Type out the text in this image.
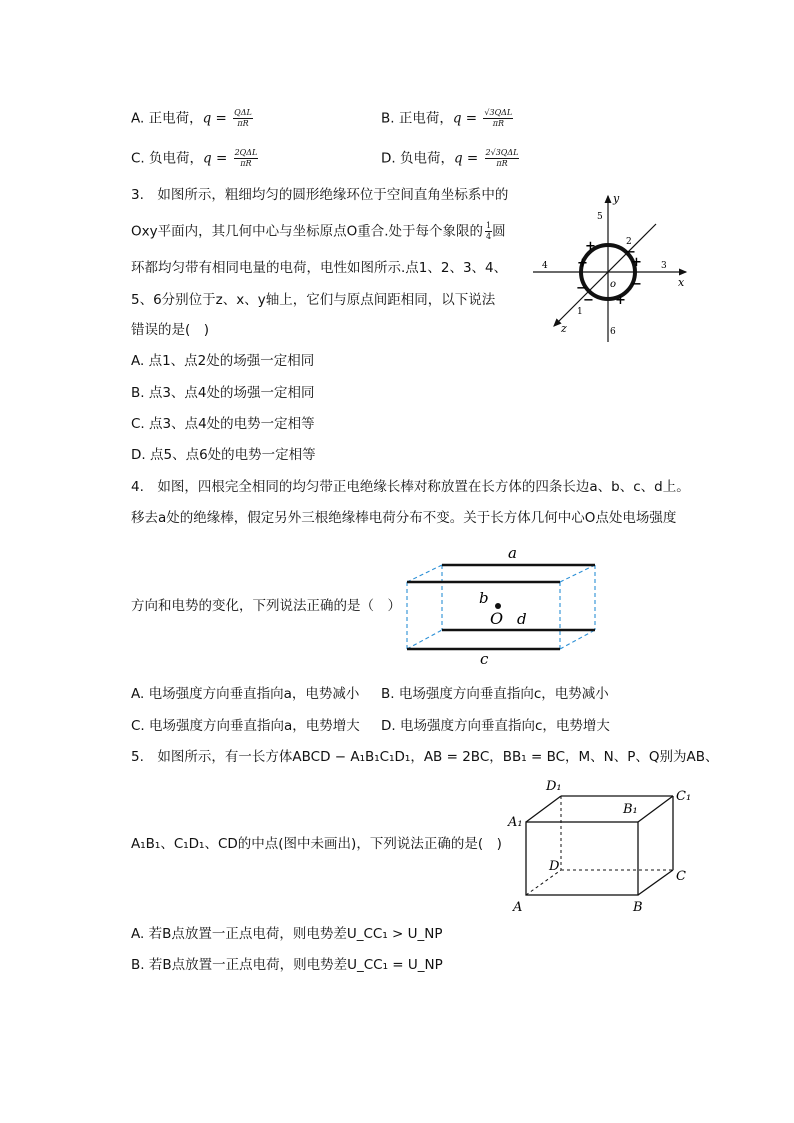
A. 正电荷，$q = \frac{\text{QΔL}}{\pi R}$	B. 正电荷，$q = \frac{\text{√3QΔL}}{\pi R}$
C. 负电荷，$q = \frac{\text{2QΔL}}{\pi R}$	D. 负电荷，$q = \frac{\text{2√3QΔL}}{\pi R}$
3.　如图所示，粗细均匀的圆形绝缘环位于空间直角坐标系中的
Oxy平面内，其几何中心与坐标原点O重合.处于每个象限的 $\frac{1}{4}$ 圆
环都均匀带有相同电量的电荷，电性如图所示.点1、2、3、4、
5、6分别位于z、x、y轴上，它们与原点间距相同，以下说法
错误的是(　)
A. 点1、点2处的场强一定相同
B. 点3、点4处的场强一定相同
C. 点3、点4处的电势一定相等
D. 点5、点6处的电势一定相等
y
x
z
o
1
2
3
4
5
6
+
+
−
+
−
−
−
+
4.　如图，四根完全相同的均匀带正电绝缘长棒对称放置在长方体的四条长边a、b、c、d上。
移去a处的绝缘棒，假定另外三根绝缘棒电荷分布不变。关于长方体几何中心O点处电场强度
方向和电势的变化，下列说法正确的是（　）
a
b
O d
c
A. 电场强度方向垂直指向a，电势减小 B. 电场强度方向垂直指向c，电势减小
C. 电场强度方向垂直指向a，电势增大 D. 电场强度方向垂直指向c，电势增大
5.　如图所示，有一长方体ABCD − A₁B₁C₁D₁，AB = 2BC，BB₁ = BC，M、N、P、Q别为AB、
A₁B₁、C₁D₁、CD的中点(图中未画出)，下列说法正确的是(　)
A	B
C
D
A₁
B₁
C₁
D₁
A. 若B点放置一正点电荷，则电势差U_CC₁ > U_NP
B. 若B点放置一正点电荷，则电势差U_CC₁ = U_NP
